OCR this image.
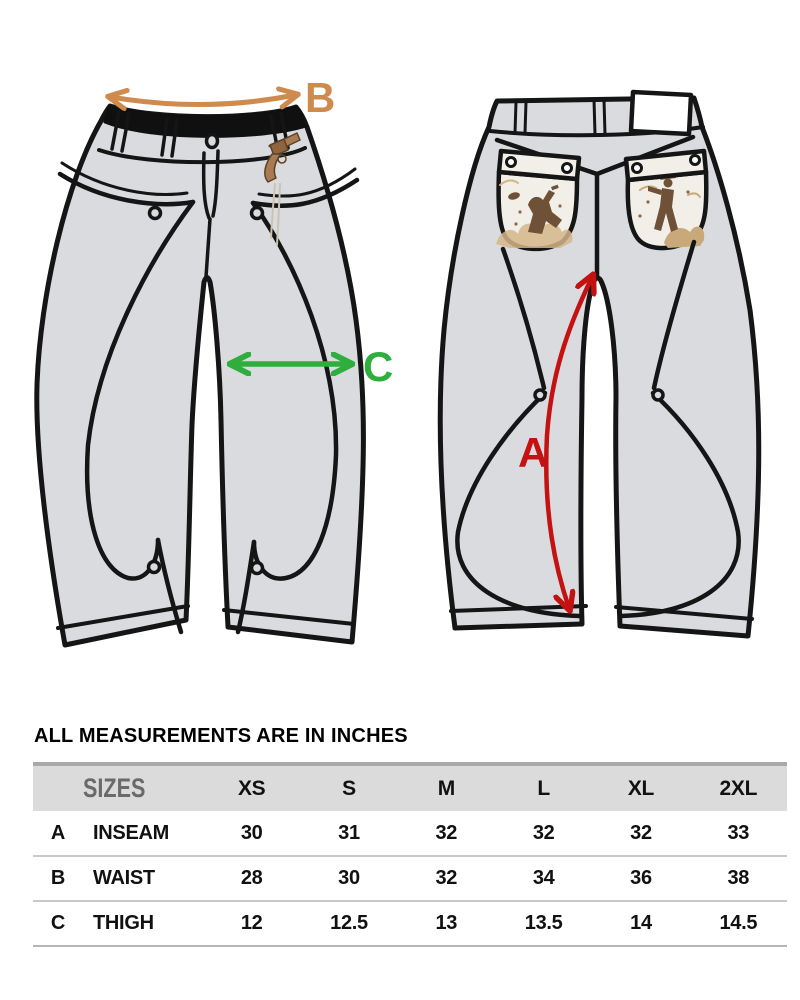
B
C
A
ALL MEASUREMENTS ARE IN INCHES
	SIZES	XS	S	M	L	XL	2XL
A	INSEAM	30	31	32	32	32	33
B	WAIST	28	30	32	34	36	38
C	THIGH	12	12.5	13	13.5	14	14.5
